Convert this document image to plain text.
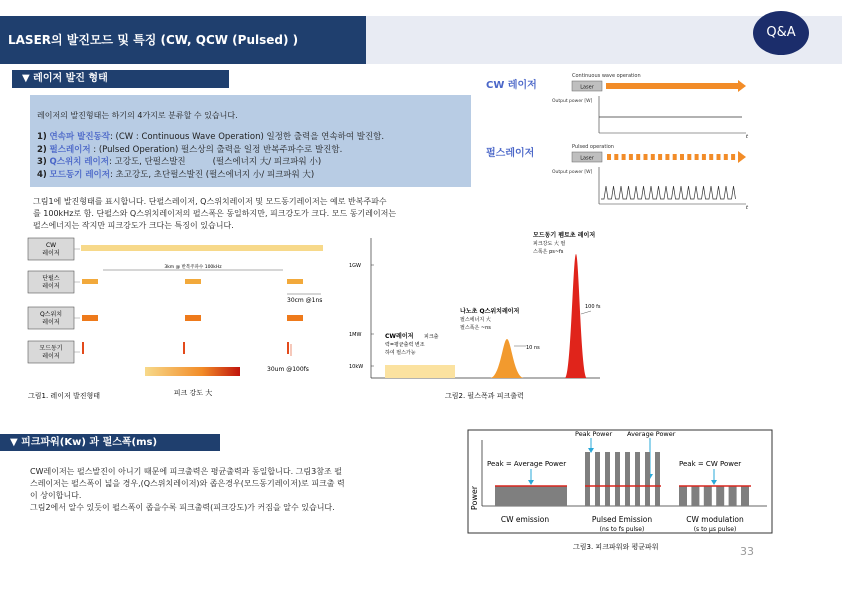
LASER의 발진모드 및 특징 (CW, QCW (Pulsed) )	Q&A
▼ 레이저 발진 형태
레이저의 발진형태는 하기의 4가지로 분류할 수 있습니다.
1) 연속파 발진동작: (CW : Continuous Wave Operation) 일정한 출력을 연속하여 발진함.
2) 펄스레이저 : (Pulsed Operation) 펄스상의 출력을 일정 반복주파수로 발진함.
3) Q스위치 레이저: 고강도, 단펄스발진          (펄스에너지 大/ 피크파워 小)
4) 모드동기 레이저: 초고강도, 초단펄스발진 (펄스에너지 小/ 피크파워 大)
그림1에 발진형태를 표시합니다. 단펄스레이저, Q스위치레이저 및 모드동기레이저는 예로 반복주파수
를 100kHz로 함. 단펄스와 Q스위치레이저의 펄스폭은 동일하지만, 피크강도가 크다. 모드 동기레이저는
펄스에너지는 작지만 피크강도가 크다는 특징이 있습니다.
CW 레이저
펄스레이저
Continuous wave operation
Laser
Output power [W]
t
Pulsed operation
Laser
Output power [W]
t
CW
레이저
단펄스
레이저
Q스위치
레이저
모드동기
레이저
3km @ 반복주파수 100kHz
30cm @1ns
30um @100fs
피크 강도 大
그림1. 레이저 발진형태
1GW
1MW
10kW
모드동기 펨토초 레이저
피크강도 大 펄
스폭은 ps~fs
100 fs
나노초 Q스위치레이저
펄스에너지 大
펄스폭은 ~ns
10 ns
CW레이저 피크출
력=평균출력 변조
하여 펄스가능
그림2. 펄스폭과 피크출력
▼ 피크파워(Kw) 과 펄스폭(ms)
CW레이저는 펄스발진이 아니기 때문에 피크출력은 평균출력과 동일합니다. 그림3참조 펄
스레이저는 펄스폭이 넓을 경우,(Q스위치레이저)와 좁은경우(모드동기레이저)로 피크출 력
이 상이합니다.
그림2에서 알수 있듯이 펄스폭이 좁을수록 피크출력(피크강도)가 커짐을 알수 있습니다.	Power
Peak = Average Power
CW emission
Peak Power Average Power
Pulsed Emission
(ns to fs pulse)
Peak = CW Power
CW modulation
(s to µs pulse)
그림3. 피크파워와 평균파워	33
